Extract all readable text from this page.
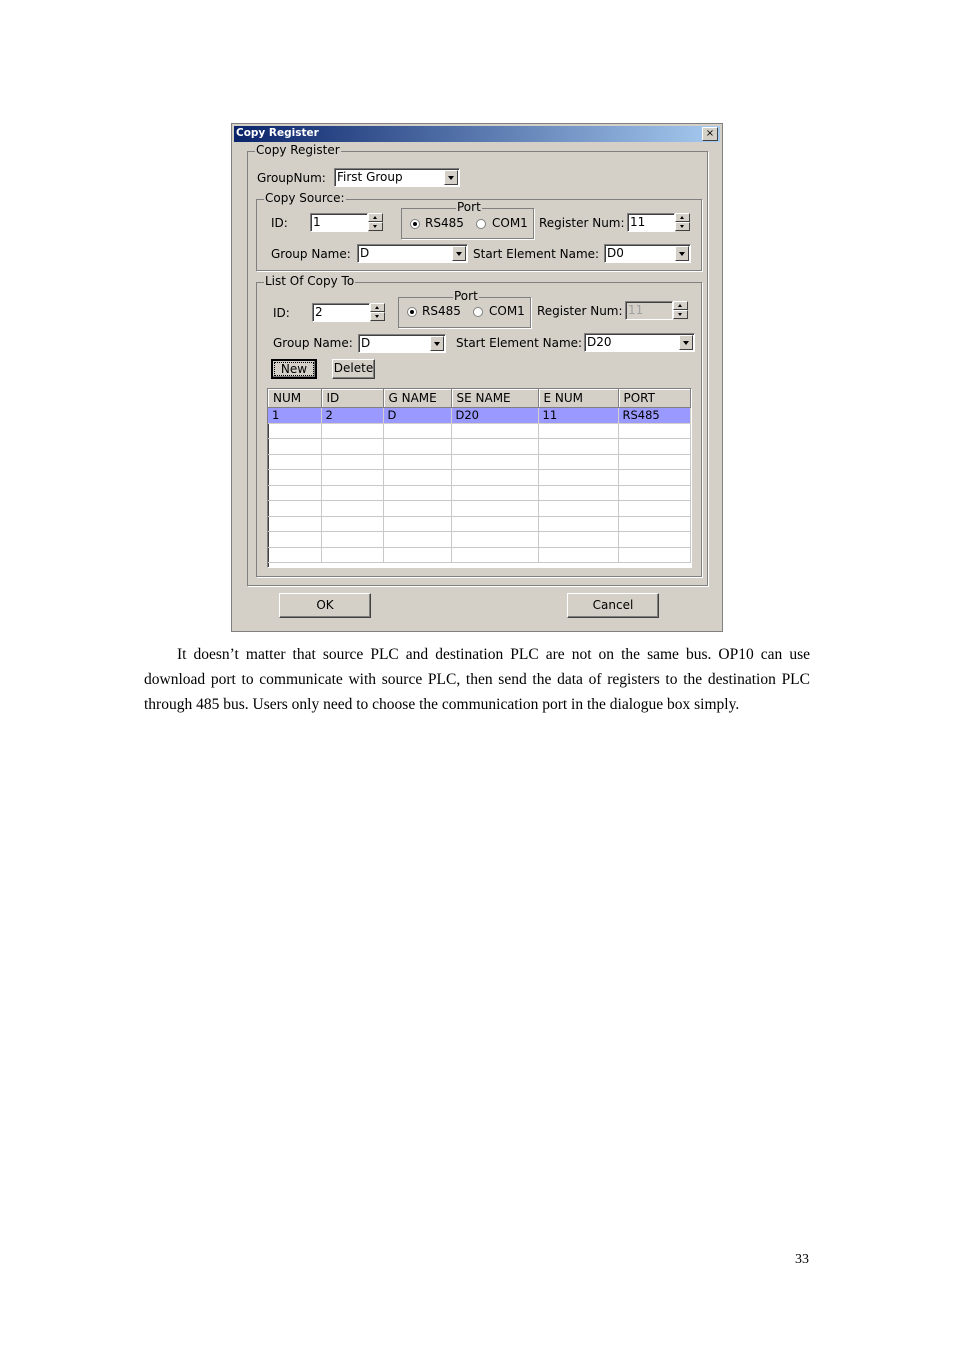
Copy Register	×
Copy Register
GroupNum: First Group
Copy Source:
ID: 1
Port
RS485 COM1 Register Num: 11
Group Name: D	Start Element Name: D0
List Of Copy To
ID: 2
Port
RS485 COM1 Register Num: 11
Group Name: D	Start Element Name: D20
New	Delete
NUM	ID	G NAME	SE NAME	E NUM	PORT
1	2	D	D20	11	RS485

OK	Cancel

It doesn’t matter that source PLC and destination PLC are not on the same bus. OP10 can use download port to communicate with source PLC, then send the data of registers to the destination PLC through 485 bus. Users only need to choose the communication port in the dialogue box simply.

33
